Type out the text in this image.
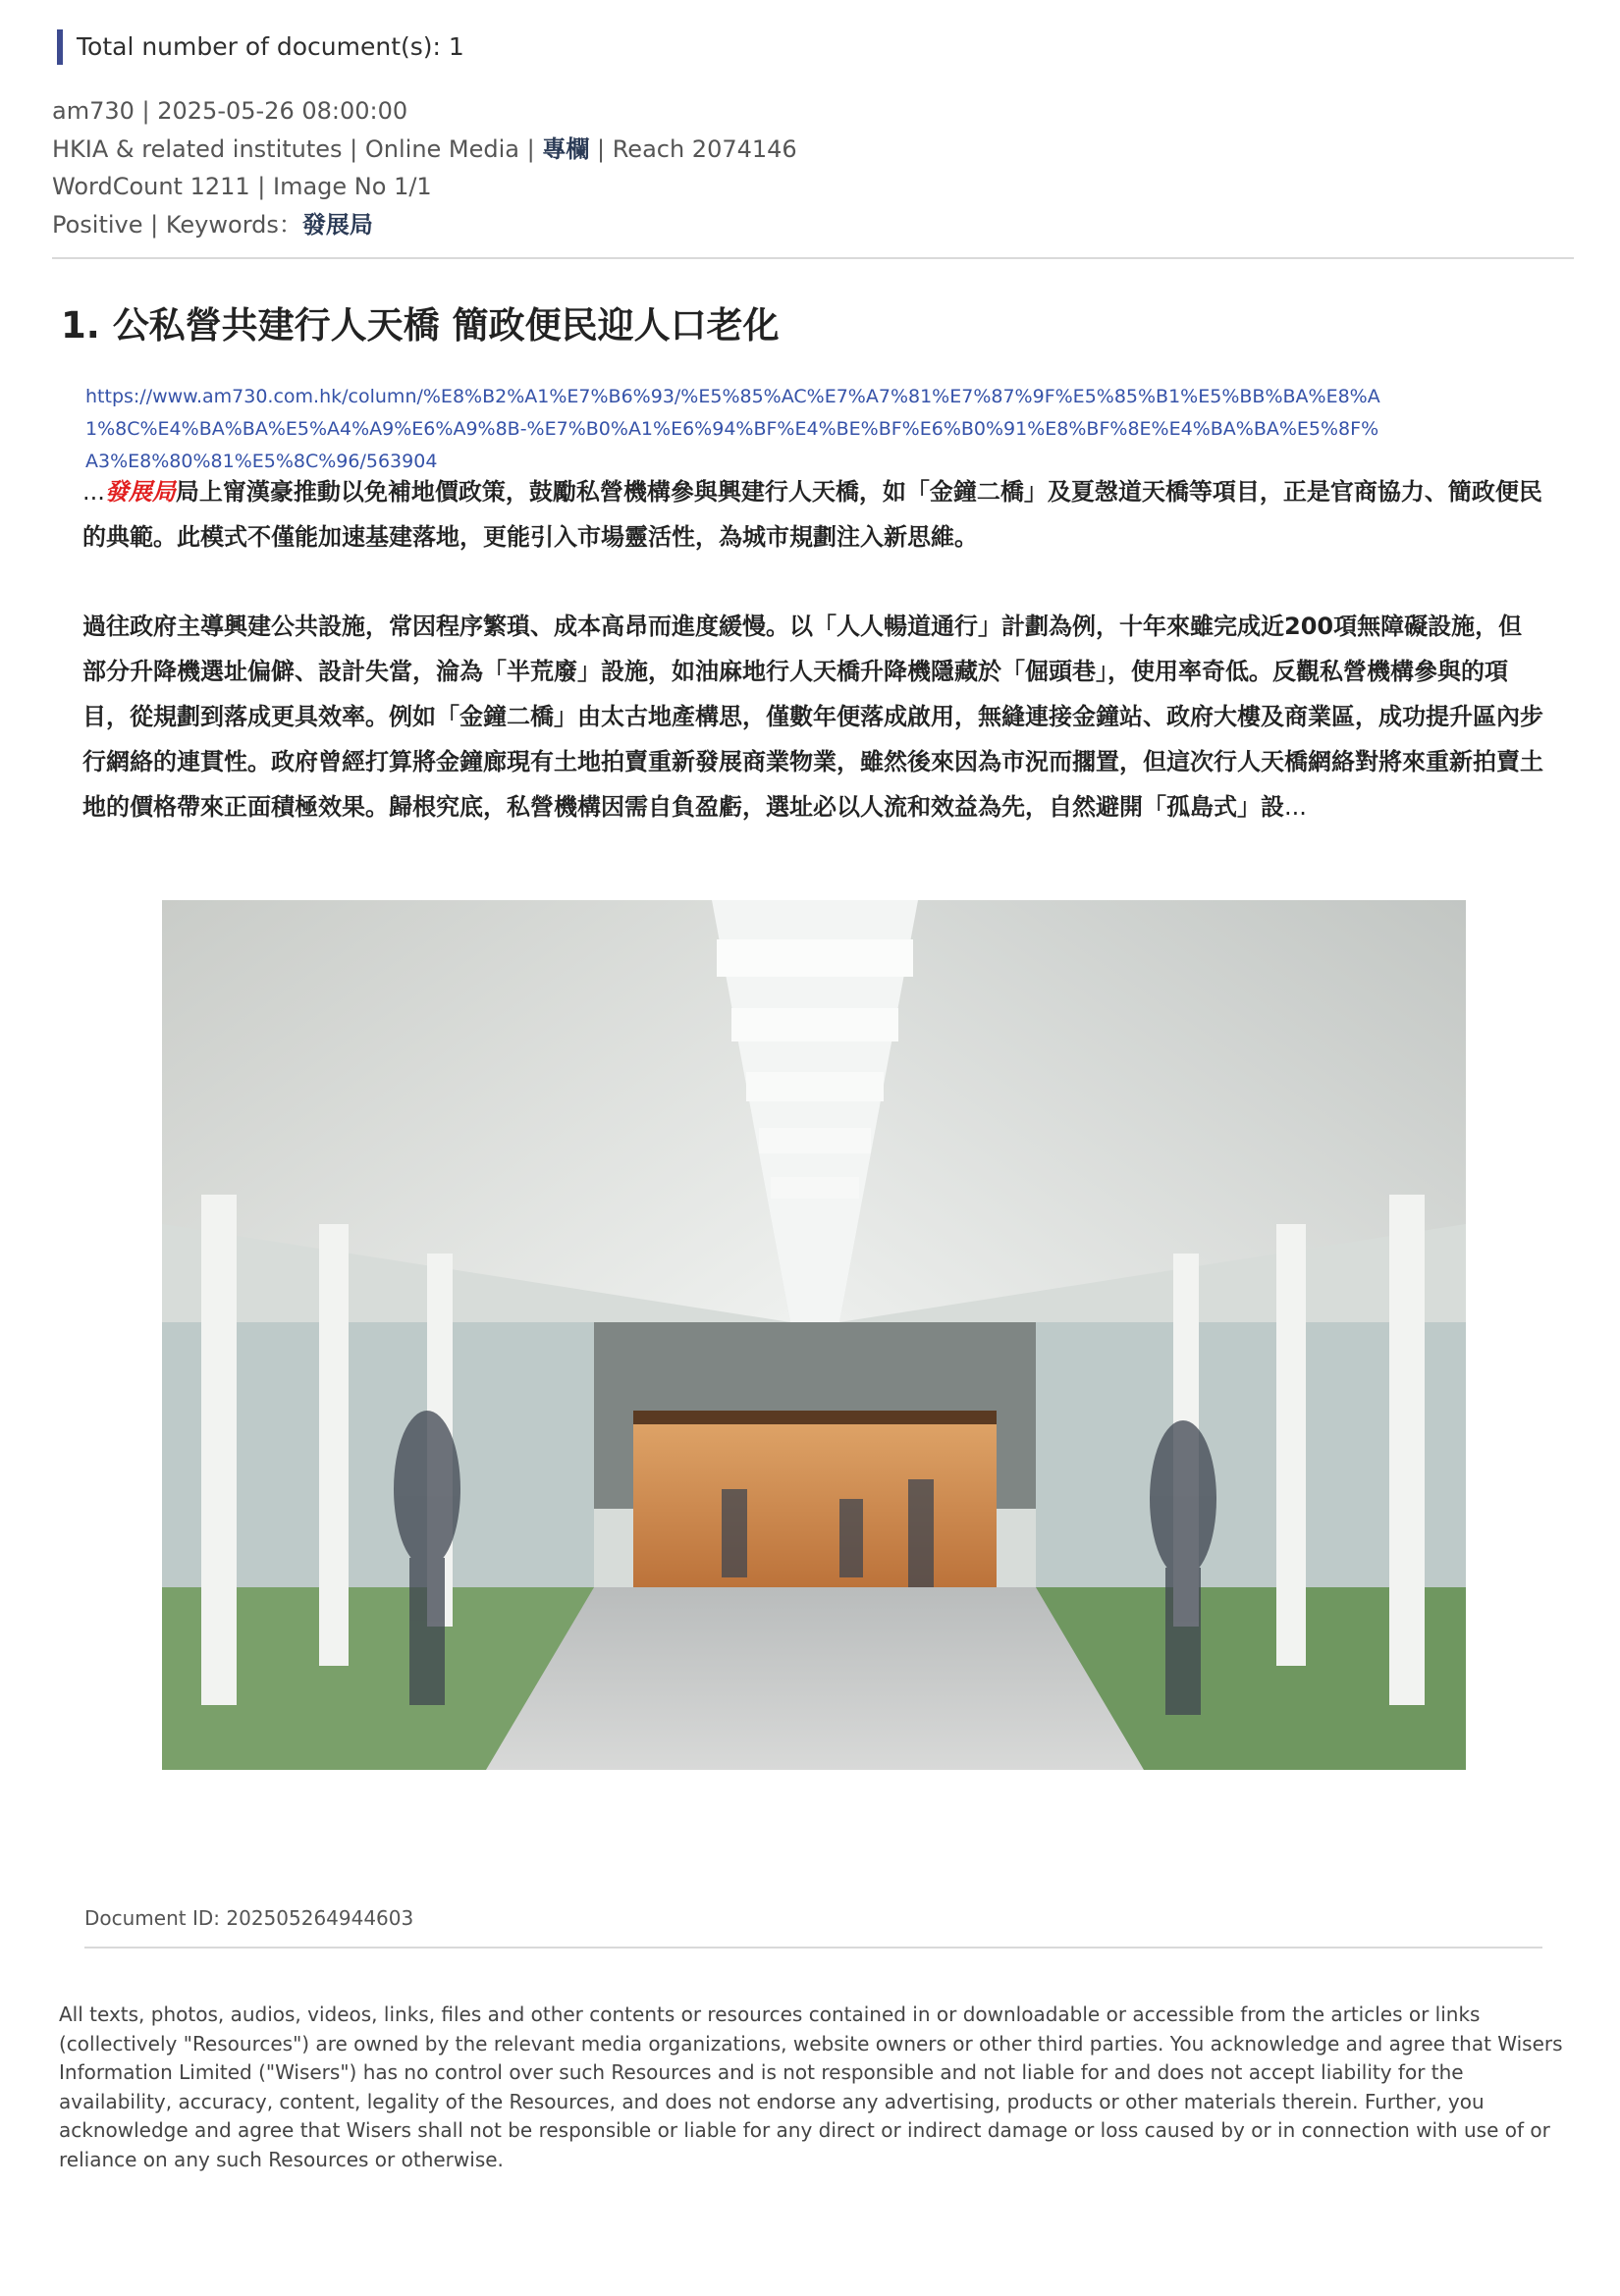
Total number of document(s): 1
am730 | 2025-05-26 08:00:00
HKIA & related institutes | Online Media | 專欄 | Reach 2074146
WordCount 1211 | Image No 1/1
Positive | Keywords：發展局
1. 公私營共建行人天橋 簡政便民迎人口老化
https://www.am730.com.hk/column/%E8%B2%A1%E7%B6%93/%E5%85%AC%E7%A7%81%E7%87%9F%E5%85%B1%E5%BB%BA%E8%A1%8C%E4%BA%BA%E5%A4%A9%E6%A9%8B-%E7%B0%A1%E6%94%BF%E4%BE%BF%E6%B0%91%E8%BF%8E%E4%BA%BA%E5%8F%A3%E8%80%81%E5%8C%96/563904
...發展局局上甯漢豪推動以免補地價政策，鼓勵私營機構參與興建行人天橋，如「金鐘二橋」及夏愨道天橋等項目，正是官商協力、簡政便民的典範。此模式不僅能加速基建落地，更能引入市場靈活性，為城市規劃注入新思維。
過往政府主導興建公共設施，常因程序繁瑣、成本高昂而進度緩慢。以「人人暢道通行」計劃為例，十年來雖完成近200項無障礙設施，但部分升降機選址偏僻、設計失當，淪為「半荒廢」設施，如油麻地行人天橋升降機隱藏於「倔頭巷」，使用率奇低。反觀私營機構參與的項目，從規劃到落成更具效率。例如「金鐘二橋」由太古地產構思，僅數年便落成啟用，無縫連接金鐘站、政府大樓及商業區，成功提升區內步行網絡的連貫性。政府曾經打算將金鐘廊現有土地拍賣重新發展商業物業，雖然後來因為市況而擱置，但這次行人天橋網絡對將來重新拍賣土地的價格帶來正面積極效果。歸根究底，私營機構因需自負盈虧，選址必以人流和效益為先，自然避開「孤島式」設...
Document ID: 202505264944603
All texts, photos, audios, videos, links, files and other contents or resources contained in or downloadable or accessible from the articles or links (collectively "Resources") are owned by the relevant media organizations, website owners or other third parties. You acknowledge and agree that Wisers Information Limited ("Wisers") has no control over such Resources and is not responsible and not liable for and does not accept liability for the availability, accuracy, content, legality of the Resources, and does not endorse any advertising, products or other materials therein. Further, you acknowledge and agree that Wisers shall not be responsible or liable for any direct or indirect damage or loss caused by or in connection with use of or reliance on any such Resources or otherwise.
